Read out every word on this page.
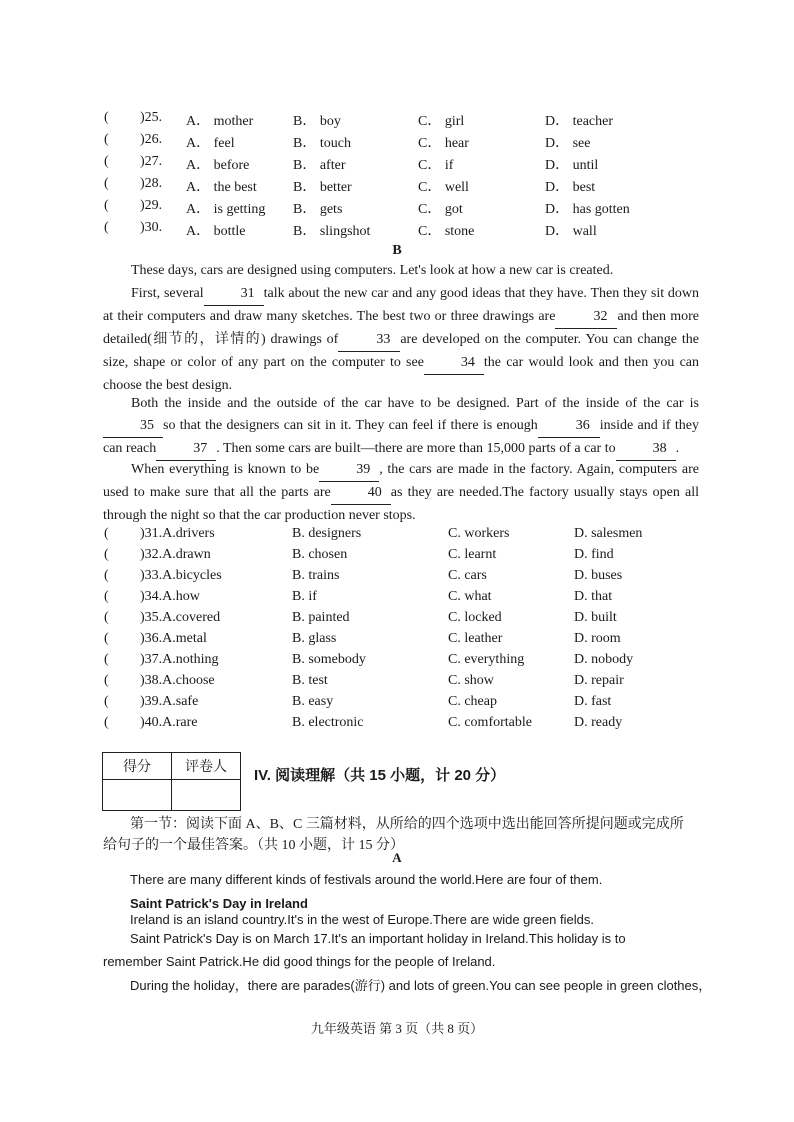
( )25. A． mother	B． boy	C． girl	D． teacher
( )26. A． feel	B． touch	C． hear	D． see
( )27. A． before	B． after	C． if	D． until
( )28. A． the best	B． better	C． well	D． best
( )29. A． is getting B． gets	C． got	D． has gotten
( )30. A． bottle	B． slingshot	C． stone	D． wall
B
These days, cars are designed using computers. Let's look at how a new car is created.
First, several	31 talk about the new car and any good ideas that they have. Then they sit down at their computers and draw many sketches. The best two or three drawings are	32 and then more detailed(细节的，详情的) drawings of	33 are developed on the computer. You can change the size, shape or color of any part on the computer to see	34 the car would look and then you can choose the best design.
Both the inside and the outside of the car have to be designed. Part of the inside of the car is35 so that the designers can sit in it. They can feel if there is enough	36 inside and if they can reach	37 . Then some cars are built—there are more than 15,000 parts of a car to	38 .
When everything is known to be	39 , the cars are made in the factory. Again, computers are used to make sure that all the parts are	40 as they are needed.The factory usually stays open all through the night so that the car production never stops.
( )31.A.drivers	B. designers	C. workers	D. salesmen
( )32.A.drawn	B. chosen	C. learnt	D. find
( )33.A.bicycles	B. trains	C. cars	D. buses
( )34.A.how	B. if	C. what	D. that
( )35.A.covered	B. painted	C. locked	D. built
( )36.A.metal	B. glass	C. leather	D. room
( )37.A.nothing	B. somebody	C. everything	D. nobody
( )38.A.choose	B. test	C. show	D. repair
( )39.A.safe	B. easy	C. cheap	D. fast
( )40.A.rare	B. electronic	C. comfortable	D. ready
得分	评卷人
	IV. 阅读理解（共 15 小题，计 20 分）
第一节：阅读下面 A、B、C 三篇材料，从所给的四个选项中选出能回答所提问题或完成所
给句子的一个最佳答案。（共 10 小题，计 15 分）
A
There are many different kinds of festivals around the world.Here are four of them.
Saint Patrick's Day in Ireland
Ireland is an island country.It's in the west of Europe.There are wide green fields.
Saint Patrick's Day is on March 17.It's an important holiday in Ireland.This holiday is to
remember Saint Patrick.He did good things for the people of Ireland.
During the holiday，there are parades(游行) and lots of green.You can see people in green clothes，
九年级英语 第 3 页（共 8 页）
